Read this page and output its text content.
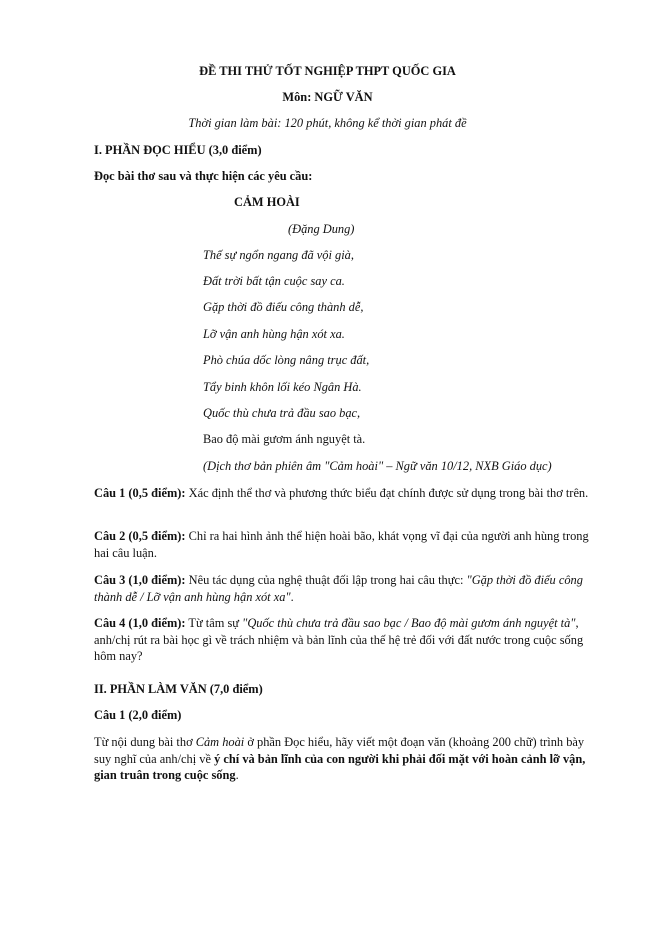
ĐỀ THI THỬ TỐT NGHIỆP THPT QUỐC GIA
Môn: NGỮ VĂN
Thời gian làm bài: 120 phút, không kể thời gian phát đề
I. PHẦN ĐỌC HIỂU (3,0 điểm)
Đọc bài thơ sau và thực hiện các yêu cầu:
CẢM HOÀI
(Đặng Dung)
Thế sự ngổn ngang đã vội già,
Đất trời bất tận cuộc say ca.
Gặp thời đồ điếu công thành dễ,
Lỡ vận anh hùng hận xót xa.
Phò chúa dốc lòng nâng trục đất,
Tẩy binh khôn lối kéo Ngân Hà.
Quốc thù chưa trả đầu sao bạc,
Bao độ mài gươm ánh nguyệt tà.
(Dịch thơ bản phiên âm "Cảm hoài" – Ngữ văn 10/12, NXB Giáo dục)
Câu 1 (0,5 điểm): Xác định thể thơ và phương thức biểu đạt chính được sử dụng trong bài thơ trên.
Câu 2 (0,5 điểm): Chỉ ra hai hình ảnh thể hiện hoài bão, khát vọng vĩ đại của người anh hùng trong hai câu luận.
Câu 3 (1,0 điểm): Nêu tác dụng của nghệ thuật đối lập trong hai câu thực: "Gặp thời đồ điếu công thành dễ / Lỡ vận anh hùng hận xót xa".
Câu 4 (1,0 điểm): Từ tâm sự "Quốc thù chưa trả đầu sao bạc / Bao độ mài gươm ánh nguyệt tà", anh/chị rút ra bài học gì về trách nhiệm và bản lĩnh của thế hệ trẻ đối với đất nước trong cuộc sống hôm nay?
II. PHẦN LÀM VĂN (7,0 điểm)
Câu 1 (2,0 điểm)
Từ nội dung bài thơ Cảm hoài ở phần Đọc hiểu, hãy viết một đoạn văn (khoảng 200 chữ) trình bày suy nghĩ của anh/chị về ý chí và bản lĩnh của con người khi phải đối mặt với hoàn cảnh lỡ vận, gian truân trong cuộc sống.
